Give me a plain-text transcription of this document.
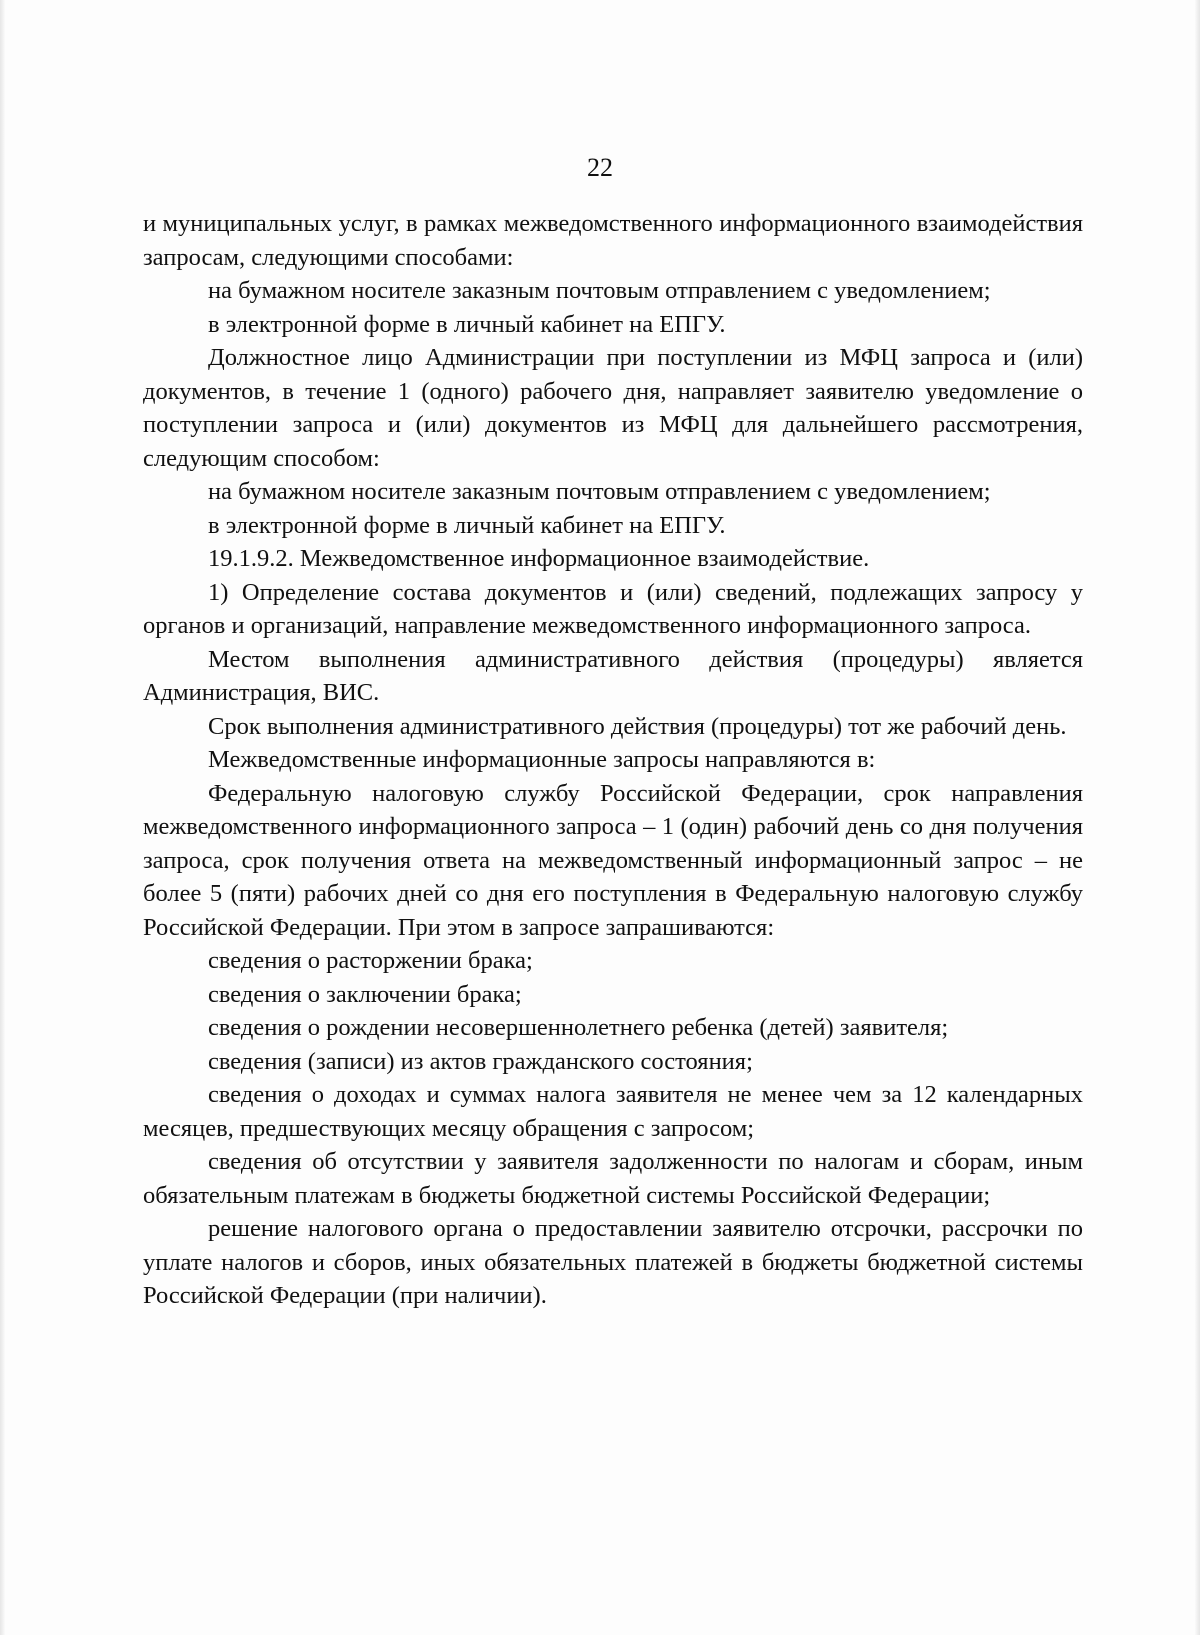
22

и муниципальных услуг, в рамках межведомственного информационного взаимодействия запросам, следующими способами:

на бумажном носителе заказным почтовым отправлением с уведомлением;

в электронной форме в личный кабинет на ЕПГУ.

Должностное лицо Администрации при поступлении из МФЦ запроса и (или) документов, в течение 1 (одного) рабочего дня, направляет заявителю уведомление о поступлении запроса и (или) документов из МФЦ для дальнейшего рассмотрения, следующим способом:

на бумажном носителе заказным почтовым отправлением с уведомлением;

в электронной форме в личный кабинет на ЕПГУ.

19.1.9.2. Межведомственное информационное взаимодействие.

1) Определение состава документов и (или) сведений, подлежащих запросу у органов и организаций, направление межведомственного информационного запроса.

Местом выполнения административного действия (процедуры) является Администрация, ВИС.

Срок выполнения административного действия (процедуры) тот же рабочий день.

Межведомственные информационные запросы направляются в:

Федеральную налоговую службу Российской Федерации, срок направления межведомственного информационного запроса – 1 (один) рабочий день со дня получения запроса, срок получения ответа на межведомственный информационный запрос – не более 5 (пяти) рабочих дней со дня его поступления в Федеральную налоговую службу Российской Федерации. При этом в запросе запрашиваются:

сведения о расторжении брака;

сведения о заключении брака;

сведения о рождении несовершеннолетнего ребенка (детей) заявителя;

сведения (записи) из актов гражданского состояния;

сведения о доходах и суммах налога заявителя не менее чем за 12 календарных месяцев, предшествующих месяцу обращения с запросом;

сведения об отсутствии у заявителя задолженности по налогам и сборам, иным обязательным платежам в бюджеты бюджетной системы Российской Федерации;

решение налогового органа о предоставлении заявителю отсрочки, рассрочки по уплате налогов и сборов, иных обязательных платежей в бюджеты бюджетной системы Российской Федерации (при наличии).
